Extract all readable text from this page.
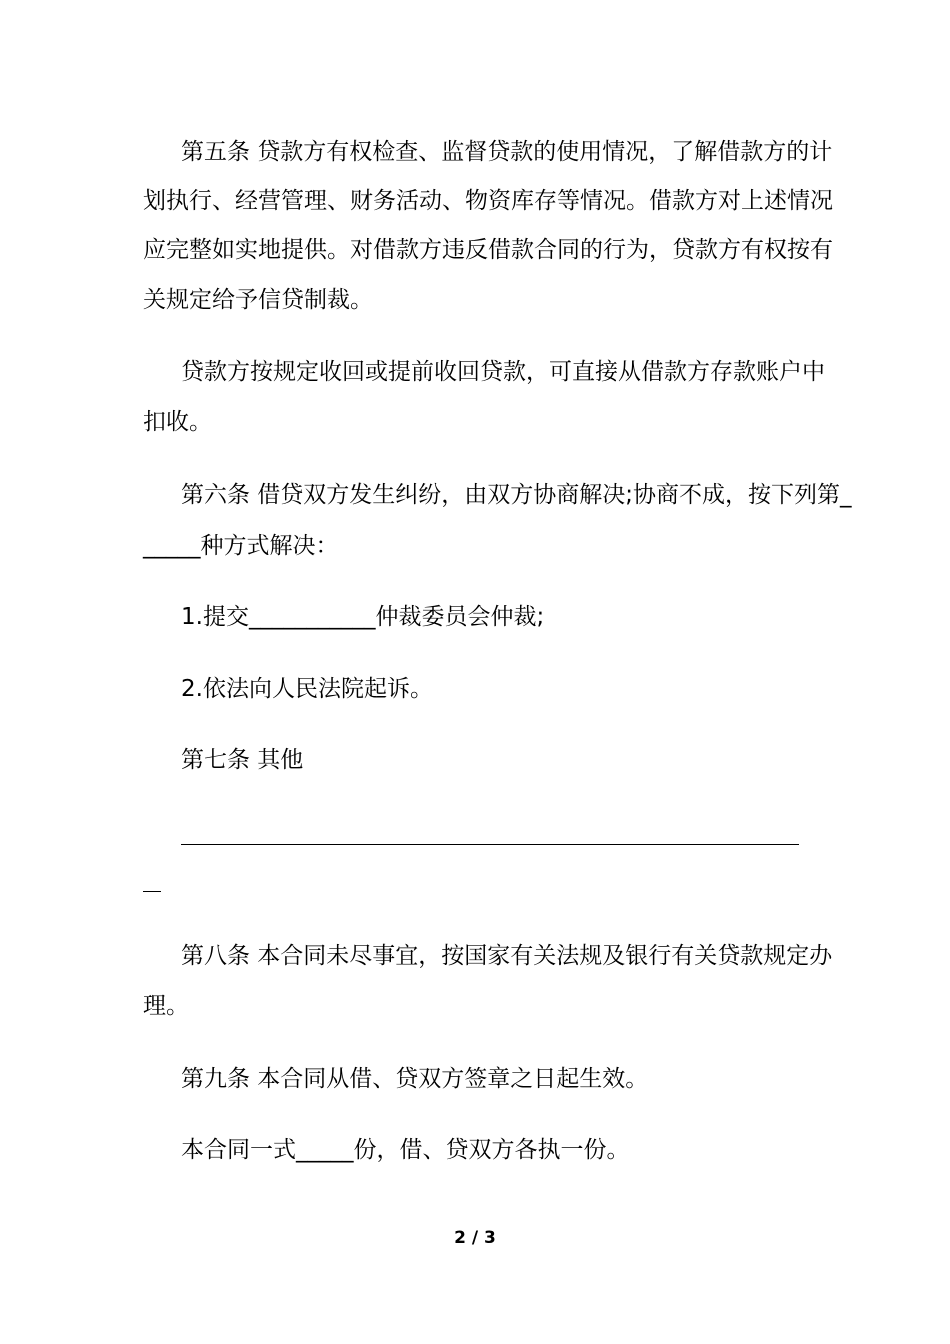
第五条 贷款方有权检查、监督贷款的使用情况，了解借款方的计
划执行、经营管理、财务活动、物资库存等情况。借款方对上述情况
应完整如实地提供。对借款方违反借款合同的行为，贷款方有权按有
关规定给予信贷制裁。
贷款方按规定收回或提前收回贷款，可直接从借款方存款账户中
扣收。
第六条 借贷双方发生纠纷，由双方协商解决;协商不成，按下列第_
_____种方式解决：
1.提交___________仲裁委员会仲裁;
2.依法向人民法院起诉。
第七条 其他
第八条 本合同未尽事宜，按国家有关法规及银行有关贷款规定办
理。
第九条 本合同从借、贷双方签章之日起生效。
本合同一式_____份，借、贷双方各执一份。
2 / 3
